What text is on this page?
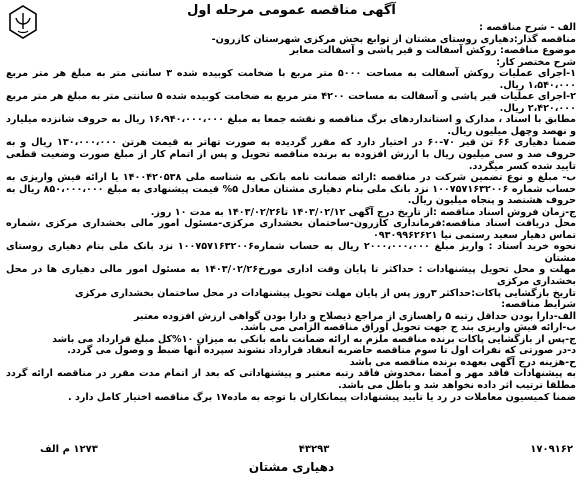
آگهی مناقصه عمومی مرحله اول
الف - شرح مناقصه :
مناقصه گذار:دهیاری روستای مشتان از توابع بخش مرکزی شهرستان کازرون-
موضوع مناقصه: روکش آسفالت و قیر پاشی و آسفالت معابر
شرح مختصر کار:
۱-اجرای عملیات روکش آسفالت به مساحت ۵۰۰۰ متر مربع با ضخامت کوبیده شده ۳ سانتی متر به مبلغ هر متر مربع ۱،۵۴۰،۰۰۰ ریال.
۲-اجرای عملیات قیر پاشی و آسفالت به مساحت ۴۲۰۰ متر مربع به ضخامت کوبیده شده ۵ سانتی متر به مبلغ هر متر مربع ۲،۴۲۰،۰۰۰ ریال.
مطابق با اسناد ، مدارک و استانداردهای برگ مناقصه و نقشه جمعا به مبلغ ۱۶،۹۴۰،۰۰۰،۰۰۰ ریال به حروف شانزده میلیارد و نهصد وچهل میلیون ریال.
ضمنا دهیاری ۶۶ تن قیر ۷۰-۶۰ در اختیار دارد که مقرر گردیده به صورت تهاتر به قیمت هرتن ۱۳۰،۰۰۰،۰۰۰ ریال و به حروف صد و سی میلیون ریال با ارزش افزوده به برنده مناقصه تحویل و پس از اتمام کار از مبلغ صورت وضعیت قطعی تایید شده کسر میگردد.
ب- مبلغ و نوع تضمین شرکت در مناقصه :ارائه ضمانت نامه بانکی به شناسه ملی ۱۴۰۰۴۲۰۵۳۸ یا ارائه فیش واریزی به حساب شماره ۱۰۰۷۵۷۱۶۳۲۰۰۶ نزد بانک ملی بنام دهیاری مشتان معادل ۵% قیمت پیشنهادی به مبلغ ۸۵۰،۰۰۰،۰۰۰ ریال به حروف هشتصد و پنجاه میلیون ریال.
ج-زمان فروش اسناد مناقصه :از تاریخ درج آگهی ۱۴۰۳/۰۲/۱۲ تا۱۴۰۳/۰۲/۲۶ به مدت ۱۰ روز.
محل دریافت اسناد مناقصه:فرمانداری کازرون-ساختمان بخشداری مرکزی-مسئول امور مالی بخشداری مرکزی ،شماره تماس دهیار سعید رستمی نیا ۰۹۳۰۹۹۶۲۶۲۱
نحوه خرید اسناد : واریز مبلغ ۲۰۰۰،۰۰۰،۰۰۰ ریال به حساب شماره۱۰۰۷۵۷۱۶۳۲۰۰۶ نزد بانک ملی بنام دهیاری روستای مشتان
مهلت و محل تحویل پیشنهادات : حداکثر تا پایان وقت اداری مورخ۱۴۰۳/۰۲/۲۶ به مسئول امور مالی دهیاری ها در محل بخشداری مرکزی
تاریخ بازگشایی پاکات:حداکثر ۳روز پس از پایان مهلت تحویل پیشنهادات در محل ساختمان بخشداری مرکزی
شرایط مناقصه:
الف-دارا بودن حداقل رتبه ۵ راهسازی از مراجع ذیصلاح و دارا بودن گواهی ارزش افزوده معتبر
ب-ارائه فیش واریزی بند ج جهت تحویل اوراق مناقصه الزامی می باشد.
ج-پس از بازگشایی پاکات برنده مناقصه ملزم به ارائه ضمانت نامه بانکی به میزان ۱۰%کل مبلغ قرارداد می باشد
د-در صورتی که نفرات اول تا سوم مناقصه حاضربه انعقاد قرارداد نشوند سپرده آنها ضبط و وصول می گردد.
ح-هزینه درج آگهی بعهده برنده مناقصه می باشد
به پیشنهادات فاقد مهر و امضا ،مخدوش فاقد رتبه معتبر و پیشنهاداتی که بعد از اتمام مدت مقرر در مناقصه ارائه گردد مطلقا ترتیب اثر داده نخواهد شد و باطل می باشد.
ضمنا کمیسیون معاملات در رد یا تایید پیشنهادات پیمانکاران با توجه به ماده۱۷ برگ مناقصه اختیار کامل دارد .
۱۷۰۹۱۶۲
۴۳۲۹۳
۱۲۷۳ م الف
دهیاری مشتان
